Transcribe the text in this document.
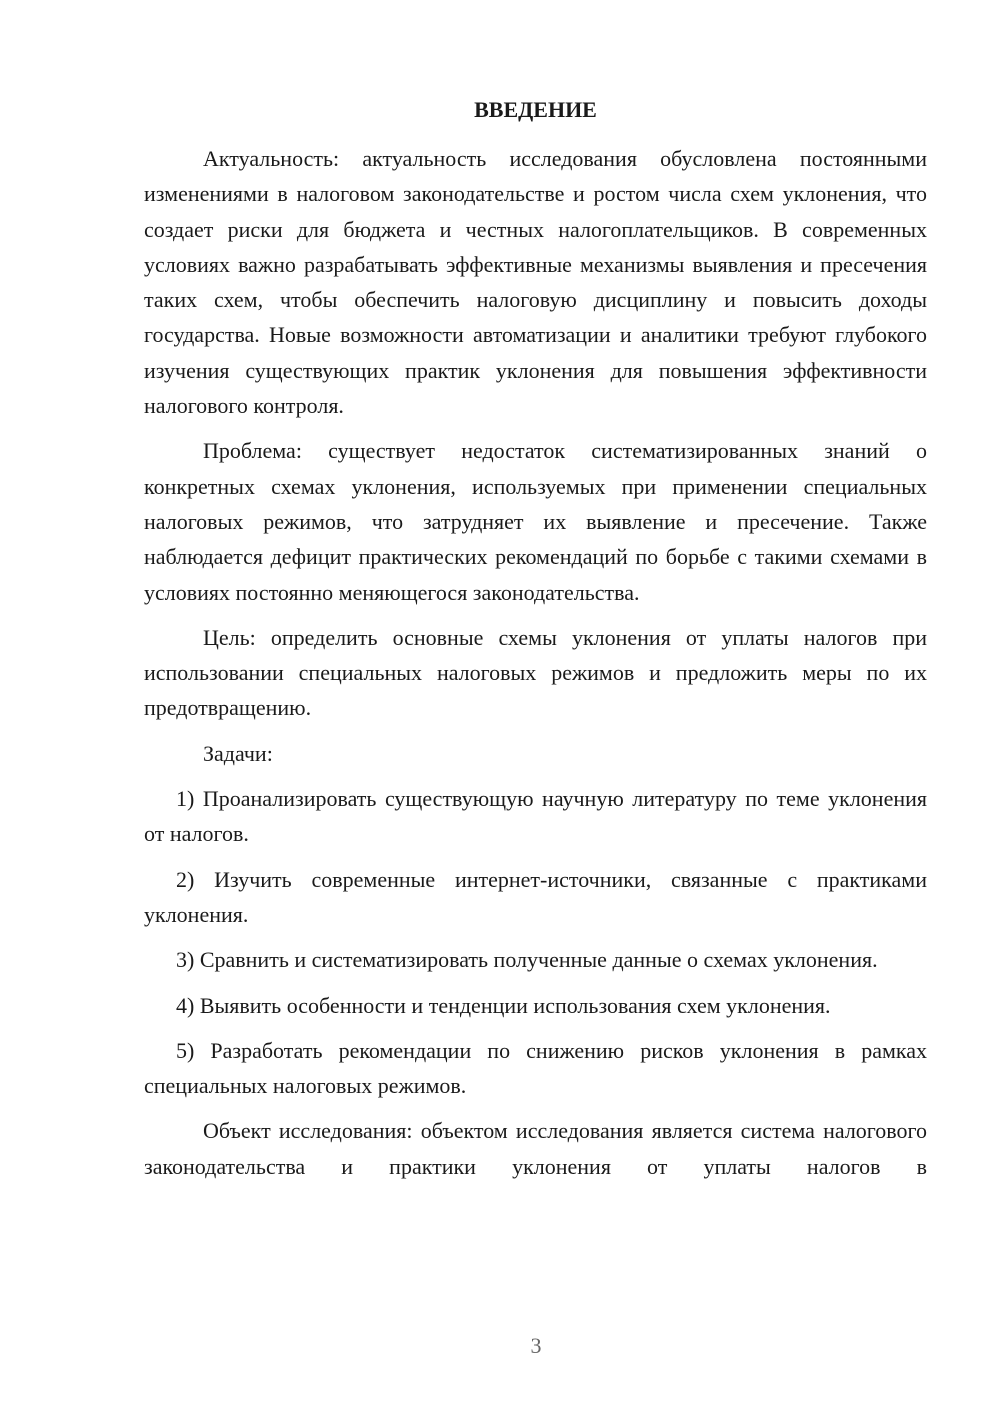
ВВЕДЕНИЕ

Актуальность: актуальность исследования обусловлена постоянными изменениями в налоговом законодательстве и ростом числа схем уклонения, что создает риски для бюджета и честных налогоплательщиков. В современных условиях важно разрабатывать эффективные механизмы выявления и пресечения таких схем, чтобы обеспечить налоговую дисциплину и повысить доходы государства. Новые возможности автоматизации и аналитики требуют глубокого изучения существующих практик уклонения для повышения эффективности налогового контроля.

Проблема: существует недостаток систематизированных знаний о конкретных схемах уклонения, используемых при применении специальных налоговых режимов, что затрудняет их выявление и пресечение. Также наблюдается дефицит практических рекомендаций по борьбе с такими схемами в условиях постоянно меняющегося законодательства.

Цель: определить основные схемы уклонения от уплаты налогов при использовании специальных налоговых режимов и предложить меры по их предотвращению.

Задачи:

1) Проанализировать существующую научную литературу по теме уклонения от налогов.

2) Изучить современные интернет-источники, связанные с практиками уклонения.

3) Сравнить и систематизировать полученные данные о схемах уклонения.

4) Выявить особенности и тенденции использования схем уклонения.

5) Разработать рекомендации по снижению рисков уклонения в рамках специальных налоговых режимов.

Объект исследования: объектом исследования является система налогового законодательства и практики уклонения от уплаты налогов в

3
